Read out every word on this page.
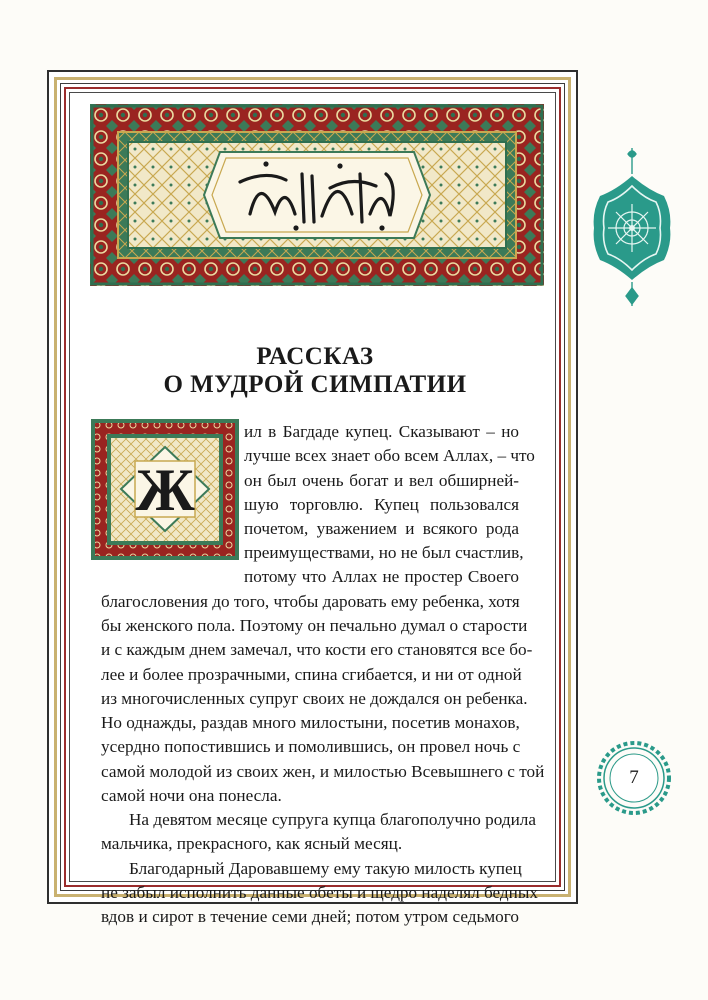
РАССКАЗ
О МУДРОЙ СИМПАТИИ
Ж
ил в Багдаде купец. Сказывают – но
лучше всех знает обо всем Аллах, – что
он был очень богат и вел обширней-
шую торговлю. Купец пользовался
почетом, уважением и всякого рода
преимуществами, но не был счастлив,
потому что Аллах не простер Своего
благословения до того, чтобы даровать ему ребенка, хотя
бы женского пола. Поэтому он печально думал о старости
и с каждым днем замечал, что кости его становятся все бо-
лее и более прозрачными, спина сгибается, и ни от одной
из многочисленных супруг своих не дождался он ребенка.
Но однажды, раздав много милостыни, посетив монахов,
усердно попостившись и помолившись, он провел ночь с
самой молодой из своих жен, и милостью Всевышнего с той
самой ночи она понесла.
На девятом месяце супруга купца благополучно родила
мальчика, прекрасного, как ясный месяц.
Благодарный Даровавшему ему такую милость купец
не забыл исполнить данные обеты и щедро наделял бедных
вдов и сирот в течение семи дней; потом утром седьмого
7
